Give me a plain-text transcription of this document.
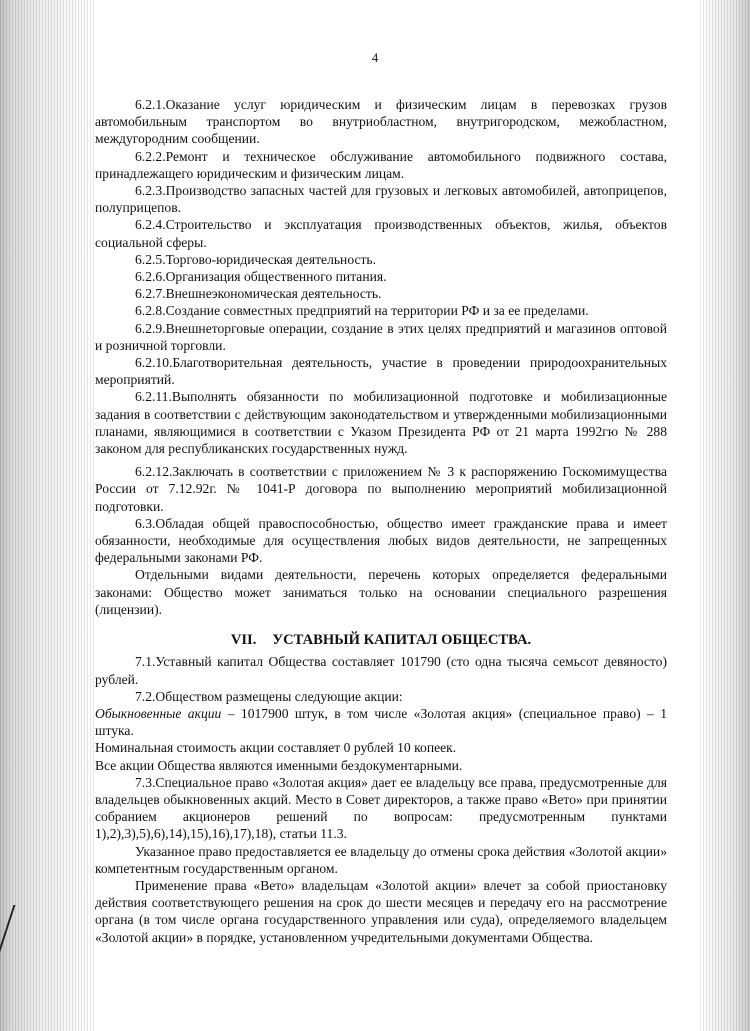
4

6.2.1.Оказание услуг юридическим и физическим лицам в перевозках грузов автомобильным транспортом во внутриобластном, внутригородском, межобластном, междугородним сообщении.

6.2.2.Ремонт и техническое обслуживание автомобильного подвижного состава, принадлежащего юридическим и физическим лицам.

6.2.3.Производство запасных частей для грузовых и легковых автомобилей, автоприцепов, полуприцепов.

6.2.4.Строительство и эксплуатация производственных объектов, жилья, объектов социальной сферы.

6.2.5.Торгово-юридическая деятельность.

6.2.6.Организация общественного питания.

6.2.7.Внешнеэкономическая деятельность.

6.2.8.Создание совместных предприятий на территории РФ и за ее пределами.

6.2.9.Внешнеторговые операции, создание в этих целях предприятий и магазинов оптовой и розничной торговли.

6.2.10.Благотворительная деятельность, участие в проведении природоохранительных мероприятий.

6.2.11.Выполнять обязанности по мобилизационной подготовке и мобилизационные задания в соответствии с действующим законодательством и утвержденными мобилизационными планами, являющимися в соответствии с Указом Президента РФ от 21 марта 1992гю № 288 законом для республиканских государственных нужд.

6.2.12.Заключать в соответствии с приложением № 3 к распоряжению Госкомимущества России от 7.12.92г. № 1041-Р договора по выполнению мероприятий мобилизационной подготовки.

6.3.Обладая общей правоспособностью, общество имеет гражданские права и имеет обязанности, необходимые для осуществления любых видов деятельности, не запрещенных федеральными законами РФ.

Отдельными видами деятельности, перечень которых определяется федеральными законами: Общество может заниматься только на основании специального разрешения (лицензии).

VII. УСТАВНЫЙ КАПИТАЛ ОБЩЕСТВА.

7.1.Уставный капитал Общества составляет 101790 (сто одна тысяча семьсот девяносто) рублей.

7.2.Обществом размещены следующие акции:

Обыкновенные акции – 1017900 штук, в том числе «Золотая акция» (специальное право) – 1 штука.

Номинальная стоимость акции составляет 0 рублей 10 копеек.

Все акции Общества являются именными бездокументарными.

7.3.Специальное право «Золотая акция» дает ее владельцу все права, предусмотренные для владельцев обыкновенных акций. Место в Совет директоров, а также право «Вето» при принятии собранием акционеров решений по вопросам: предусмотренным пунктами 1),2),3),5),6),14),15),16),17),18), статьи 11.3.

Указанное право предоставляется ее владельцу до отмены срока действия «Золотой акции» компетентным государственным органом.

Применение права «Вето» владельцам «Золотой акции» влечет за собой приостановку действия соответствующего решения на срок до шести месяцев и передачу его на рассмотрение органа (в том числе органа государственного управления или суда), определяемого владельцем «Золотой акции» в порядке, установленном учредительными документами Общества.
